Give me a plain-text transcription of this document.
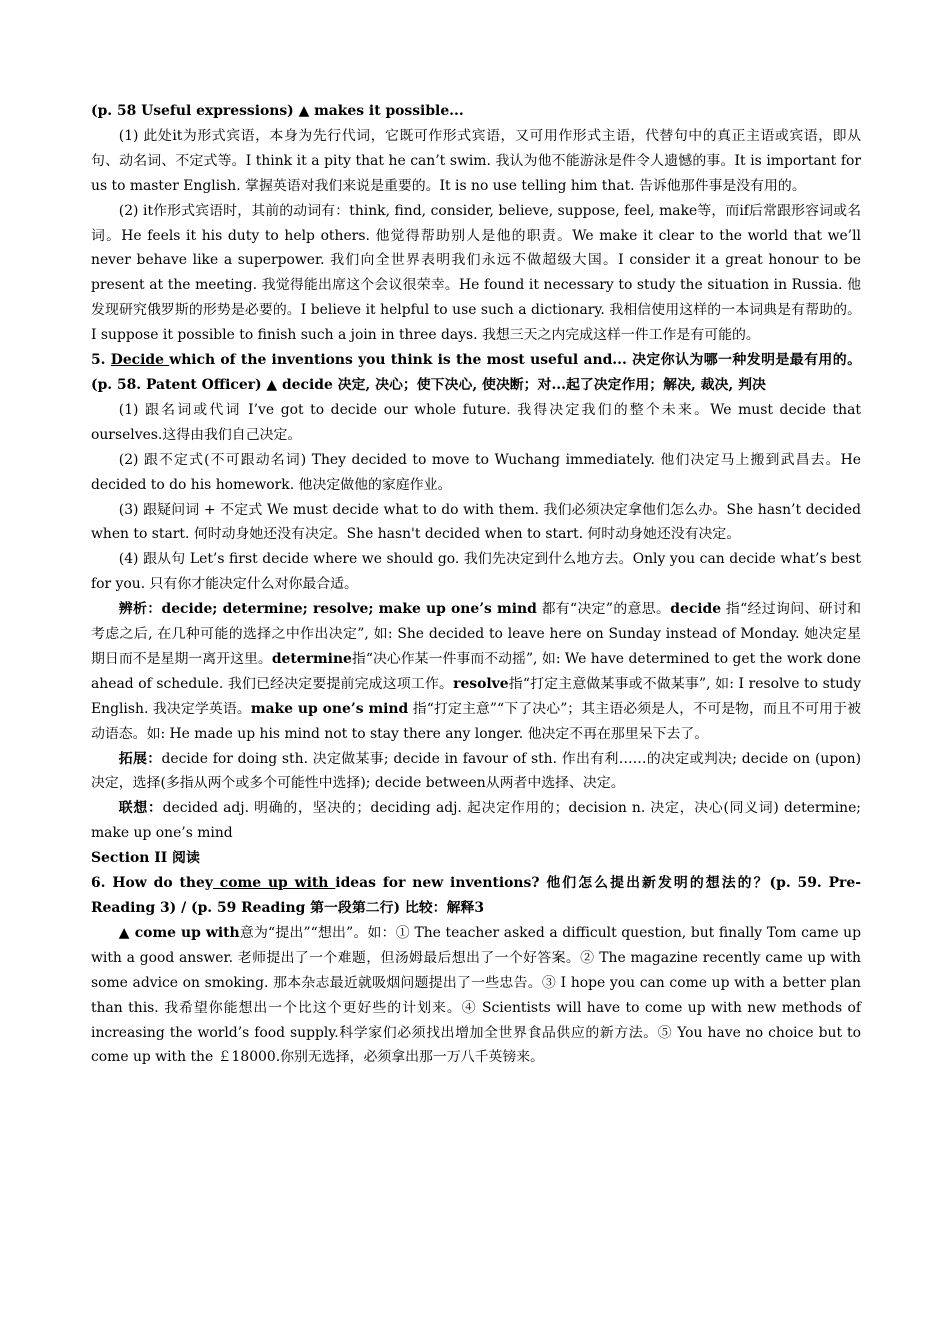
(p. 58 Useful expressions) ▲ makes it possible...

(1) 此处it为形式宾语，本身为先行代词，它既可作形式宾语，又可用作形式主语，代替句中的真正主语或宾语，即从句、动名词、不定式等。I think it a pity that he can’t swim. 我认为他不能游泳是件令人遗憾的事。It is important for us to master English. 掌握英语对我们来说是重要的。It is no use telling him that. 告诉他那件事是没有用的。

(2) it作形式宾语时，其前的动词有：think, find, consider, believe, suppose, feel, make等，而if后常跟形容词或名词。He feels it his duty to help others. 他觉得帮助别人是他的职责。We make it clear to the world that we’ll never behave like a superpower. 我们向全世界表明我们永远不做超级大国。I consider it a great honour to be present at the meeting. 我觉得能出席这个会议很荣幸。He found it necessary to study the situation in Russia. 他发现研究俄罗斯的形势是必要的。I believe it helpful to use such a dictionary. 我相信使用这样的一本词典是有帮助的。I suppose it possible to finish such a join in three days. 我想三天之内完成这样一件工作是有可能的。

5. Decide which of the inventions you think is the most useful and... 决定你认为哪一种发明是最有用的。(p. 58. Patent Officer) ▲ decide 决定, 决心；使下决心, 使决断；对...起了决定作用；解决, 裁决, 判决

(1) 跟名词或代词 I’ve got to decide our whole future. 我得决定我们的整个未来。We must decide that ourselves.这得由我们自己决定。

(2) 跟不定式(不可跟动名词) They decided to move to Wuchang immediately. 他们决定马上搬到武昌去。He decided to do his homework. 他决定做他的家庭作业。

(3) 跟疑问词 + 不定式 We must decide what to do with them. 我们必须决定拿他们怎么办。She hasn’t decided when to start. 何时动身她还没有决定。She hasn't decided when to start. 何时动身她还没有决定。

(4) 跟从句 Let’s first decide where we should go. 我们先决定到什么地方去。Only you can decide what’s best for you. 只有你才能决定什么对你最合适。

辨析：decide; determine; resolve; make up one’s mind 都有“决定”的意思。decide 指“经过询问、研讨和考虑之后, 在几种可能的选择之中作出决定”, 如: She decided to leave here on Sunday instead of Monday. 她决定星期日而不是星期一离开这里。determine指“决心作某一件事而不动摇”, 如: We have determined to get the work done ahead of schedule. 我们已经决定要提前完成这项工作。resolve指“打定主意做某事或不做某事”, 如: I resolve to study English. 我决定学英语。make up one’s mind 指“打定主意”“下了决心”；其主语必须是人，不可是物，而且不可用于被动语态。如: He made up his mind not to stay there any longer. 他决定不再在那里呆下去了。

拓展：decide for doing sth. 决定做某事; decide in favour of sth. 作出有利……的决定或判决; decide on (upon) 决定，选择(多指从两个或多个可能性中选择); decide between从两者中选择、决定。

联想：decided adj. 明确的，坚决的；deciding adj. 起决定作用的；decision n. 决定，决心(同义词) determine; make up one’s mind

Section II 阅读

6. How do they come up with ideas for new inventions? 他们怎么提出新发明的想法的？(p. 59. Pre-Reading 3) / (p. 59 Reading 第一段第二行) 比较：解释3

▲ come up with意为“提出”“想出”。如：① The teacher asked a difficult question, but finally Tom came up with a good answer. 老师提出了一个难题，但汤姆最后想出了一个好答案。② The magazine recently came up with some advice on smoking. 那本杂志最近就吸烟问题提出了一些忠告。③ I hope you can come up with a better plan than this. 我希望你能想出一个比这个更好些的计划来。④ Scientists will have to come up with new methods of increasing the world’s food supply.科学家们必须找出增加全世界食品供应的新方法。⑤ You have no choice but to come up with the ￡18000.你别无选择，必须拿出那一万八千英镑来。
